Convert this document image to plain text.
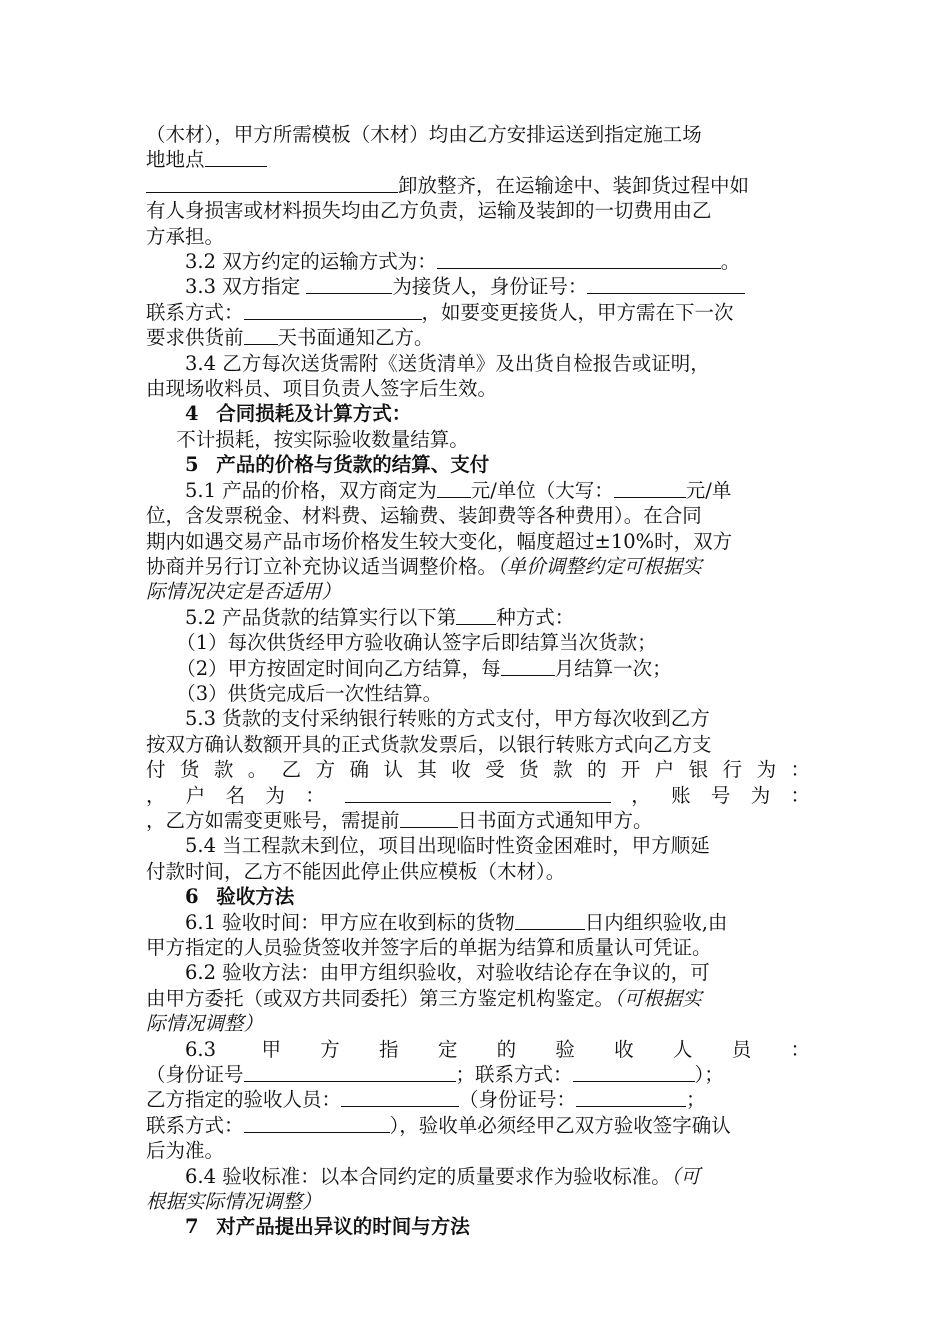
（木材），甲方所需模板（木材）均由乙方安排运送到指定施工场

地地点

卸放整齐，在运输途中、装卸货过程中如

有人身损害或材料损失均由乙方负责，运输及装卸的一切费用由乙

方承担。

3.2 双方约定的运输方式为：	。

3.3 双方指定	为接货人，身份证号：

联系方式：	，如要变更接货人，甲方需在下一次

要求供货前 天书面通知乙方。

3.4 乙方每次送货需附《送货清单》及出货自检报告或证明，

由现场收料员、项目负责人签字后生效。

4 合同损耗及计算方式：

不计损耗，按实际验收数量结算。

5 产品的价格与货款的结算、支付

5.1 产品的价格，双方商定为 元/单位（大写：	元/单

位，含发票税金、材料费、运输费、装卸费等各种费用）。在合同

期内如遇交易产品市场价格发生较大变化，幅度超过±10%时，双方

协商并另行订立补充协议适当调整价格。（单价调整约定可根据实

际情况决定是否适用）

5.2 产品货款的结算实行以下第 种方式：

（1）每次供货经甲方验收确认签字后即结算当次货款；

（2）甲方按固定时间向乙方结算，每	月结算一次；

（3）供货完成后一次性结算。

5.3 货款的支付采纳银行转账的方式支付，甲方每次收到乙方

按双方确认数额开具的正式货款发票后，以银行转账方式向乙方支

付货款。乙方确认其收受货款的开户银行为：

，户名为：	，账号为：

，乙方如需变更账号，需提前	日书面方式通知甲方。

5.4 当工程款未到位，项目出现临时性资金困难时，甲方顺延

付款时间，乙方不能因此停止供应模板（木材）。

6 验收方法

6.1 验收时间：甲方应在收到标的货物	日内组织验收,由

甲方指定的人员验货签收并签字后的单据为结算和质量认可凭证。

6.2 验收方法：由甲方组织验收，对验收结论存在争议的，可

由甲方委托（或双方共同委托）第三方鉴定机构鉴定。（可根据实

际情况调整）

6.3 甲方指定的验收人员：

（身份证号	；联系方式：	）；

乙方指定的验收人员：	（身份证号：	；

联系方式：	），验收单必须经甲乙双方验收签字确认

后为准。

6.4 验收标准：以本合同约定的质量要求作为验收标准。（可

根据实际情况调整）

7 对产品提出异议的时间与方法
